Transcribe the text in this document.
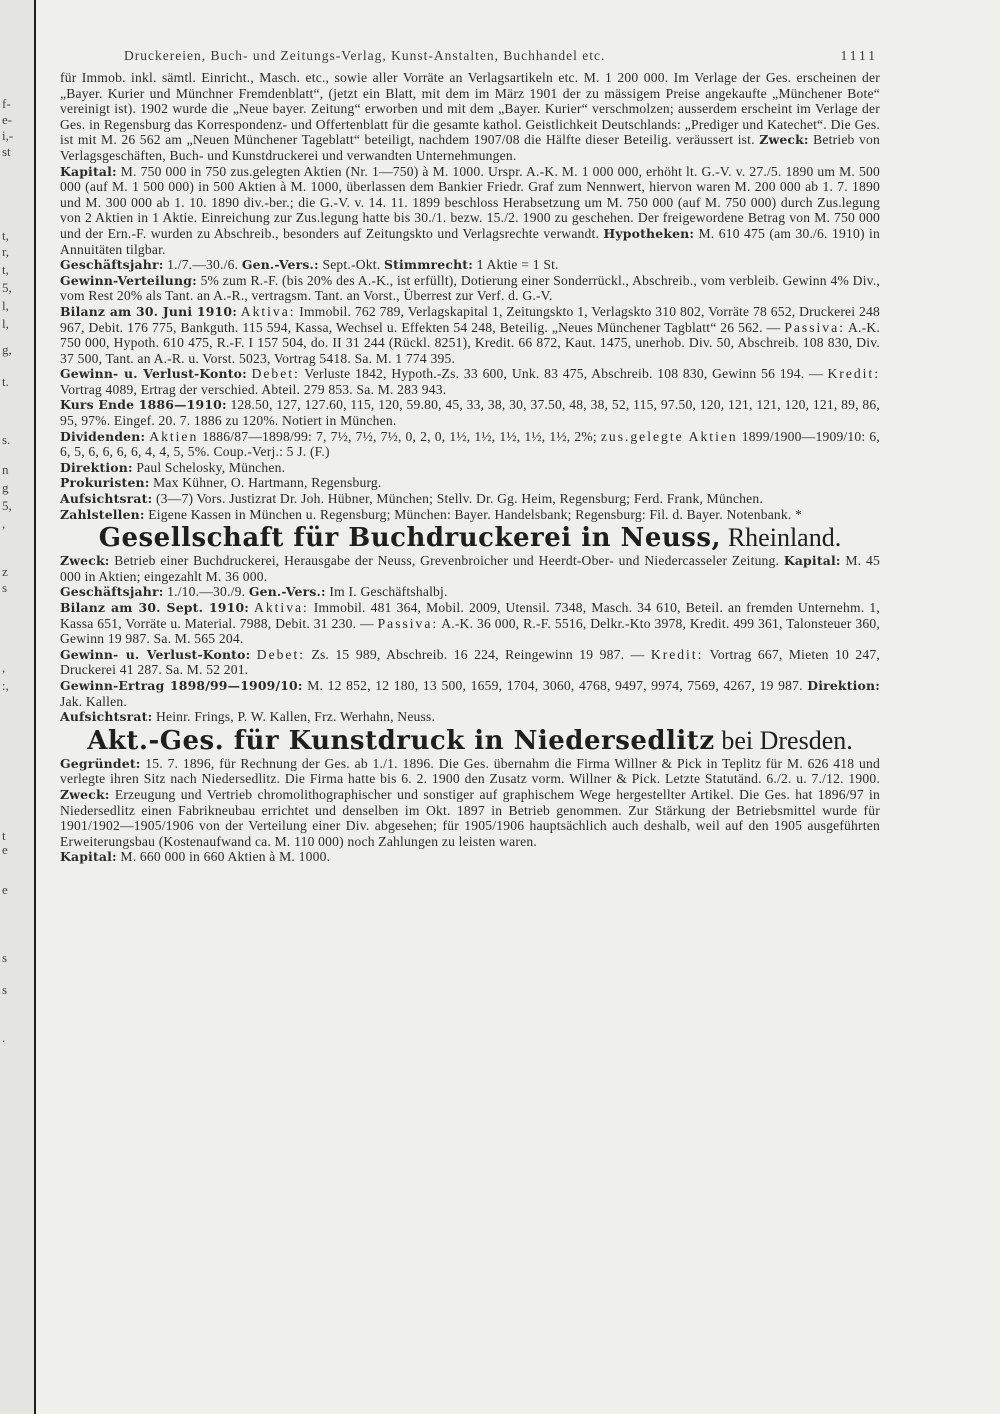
f-
e-
i,-
st
t,
r,
t,
5,
l,
l,
g,
t.
s.
n
g
5,
,
z
s
,
:,
t
e
e
s
s
.
Druckereien, Buch- und Zeitungs-Verlag, Kunst-Anstalten, Buchhandel etc.	1111

für Immob. inkl. sämtl. Einricht., Masch. etc., sowie aller Vorräte an Verlagsartikeln etc. M. 1 200 000. Im Verlage der Ges. erscheinen der „Bayer. Kurier und Münchner Fremdenblatt“, (jetzt ein Blatt, mit dem im März 1901 der zu mässigem Preise angekaufte „Münchener Bote“ vereinigt ist). 1902 wurde die „Neue bayer. Zeitung“ erworben und mit dem „Bayer. Kurier“ verschmolzen; ausserdem erscheint im Verlage der Ges. in Regensburg das Korrespondenz- und Offertenblatt für die gesamte kathol. Geistlichkeit Deutschlands: „Prediger und Katechet“. Die Ges. ist mit M. 26 562 am „Neuen Münchener Tageblatt“ beteiligt, nachdem 1907/08 die Hälfte dieser Beteilig. veräussert ist. Zweck: Betrieb von Verlagsgeschäften, Buch- und Kunstdruckerei und verwandten Unternehmungen.

Kapital: M. 750 000 in 750 zus.gelegten Aktien (Nr. 1—750) à M. 1000. Urspr. A.-K. M. 1 000 000, erhöht lt. G.-V. v. 27./5. 1890 um M. 500 000 (auf M. 1 500 000) in 500 Aktien à M. 1000, überlassen dem Bankier Friedr. Graf zum Nennwert, hiervon waren M. 200 000 ab 1. 7. 1890 und M. 300 000 ab 1. 10. 1890 div.-ber.; die G.-V. v. 14. 11. 1899 beschloss Herabsetzung um M. 750 000 (auf M. 750 000) durch Zus.legung von 2 Aktien in 1 Aktie. Einreichung zur Zus.legung hatte bis 30./1. bezw. 15./2. 1900 zu geschehen. Der freigewordene Betrag von M. 750 000 und der Ern.-F. wurden zu Abschreib., besonders auf Zeitungskto und Verlagsrechte verwandt. Hypotheken: M. 610 475 (am 30./6. 1910) in Annuitäten tilgbar.

Geschäftsjahr: 1./7.—30./6. Gen.-Vers.: Sept.-Okt. Stimmrecht: 1 Aktie = 1 St.

Gewinn-Verteilung: 5% zum R.-F. (bis 20% des A.-K., ist erfüllt), Dotierung einer Sonderrückl., Abschreib., vom verbleib. Gewinn 4% Div., vom Rest 20% als Tant. an A.-R., vertragsm. Tant. an Vorst., Überrest zur Verf. d. G.-V.

Bilanz am 30. Juni 1910: Aktiva: Immobil. 762 789, Verlagskapital 1, Zeitungskto 1, Verlagskto 310 802, Vorräte 78 652, Druckerei 248 967, Debit. 176 775, Bankguth. 115 594, Kassa, Wechsel u. Effekten 54 248, Beteilig. „Neues Münchener Tagblatt“ 26 562. — Passiva: A.-K. 750 000, Hypoth. 610 475, R.-F. I 157 504, do. II 31 244 (Rückl. 8251), Kredit. 66 872, Kaut. 1475, unerhob. Div. 50, Abschreib. 108 830, Div. 37 500, Tant. an A.-R. u. Vorst. 5023, Vortrag 5418. Sa. M. 1 774 395.

Gewinn- u. Verlust-Konto: Debet: Verluste 1842, Hypoth.-Zs. 33 600, Unk. 83 475, Abschreib. 108 830, Gewinn 56 194. — Kredit: Vortrag 4089, Ertrag der verschied. Abteil. 279 853. Sa. M. 283 943.

Kurs Ende 1886—1910: 128.50, 127, 127.60, 115, 120, 59.80, 45, 33, 38, 30, 37.50, 48, 38, 52, 115, 97.50, 120, 121, 121, 120, 121, 89, 86, 95, 97%. Eingef. 20. 7. 1886 zu 120%. Notiert in München.

Dividenden: Aktien 1886/87—1898/99: 7, 7½, 7½, 7½, 0, 2, 0, 1½, 1½, 1½, 1½, 1½, 2%; zus.gelegte Aktien 1899/1900—1909/10: 6, 6, 5, 6, 6, 6, 6, 4, 4, 5, 5%. Coup.-Verj.: 5 J. (F.)

Direktion: Paul Schelosky, München.

Prokuristen: Max Kühner, O. Hartmann, Regensburg.

Aufsichtsrat: (3—7) Vors. Justizrat Dr. Joh. Hübner, München; Stellv. Dr. Gg. Heim, Regensburg; Ferd. Frank, München.

Zahlstellen: Eigene Kassen in München u. Regensburg; München: Bayer. Handelsbank; Regensburg: Fil. d. Bayer. Notenbank. *

Gesellschaft für Buchdruckerei in Neuss, Rheinland.

Zweck: Betrieb einer Buchdruckerei, Herausgabe der Neuss, Grevenbroicher und Heerdt-Ober- und Niedercasseler Zeitung. Kapital: M. 45 000 in Aktien; eingezahlt M. 36 000.

Geschäftsjahr: 1./10.—30./9. Gen.-Vers.: Im I. Geschäftshalbj.

Bilanz am 30. Sept. 1910: Aktiva: Immobil. 481 364, Mobil. 2009, Utensil. 7348, Masch. 34 610, Beteil. an fremden Unternehm. 1, Kassa 651, Vorräte u. Material. 7988, Debit. 31 230. — Passiva: A.-K. 36 000, R.-F. 5516, Delkr.-Kto 3978, Kredit. 499 361, Talonsteuer 360, Gewinn 19 987. Sa. M. 565 204.

Gewinn- u. Verlust-Konto: Debet: Zs. 15 989, Abschreib. 16 224, Reingewinn 19 987. — Kredit: Vortrag 667, Mieten 10 247, Druckerei 41 287. Sa. M. 52 201.

Gewinn-Ertrag 1898/99—1909/10: M. 12 852, 12 180, 13 500, 1659, 1704, 3060, 4768, 9497, 9974, 7569, 4267, 19 987. Direktion: Jak. Kallen.

Aufsichtsrat: Heinr. Frings, P. W. Kallen, Frz. Werhahn, Neuss.

Akt.-Ges. für Kunstdruck in Niedersedlitz bei Dresden.

Gegründet: 15. 7. 1896, für Rechnung der Ges. ab 1./1. 1896. Die Ges. übernahm die Firma Willner & Pick in Teplitz für M. 626 418 und verlegte ihren Sitz nach Niedersedlitz. Die Firma hatte bis 6. 2. 1900 den Zusatz vorm. Willner & Pick. Letzte Statutänd. 6./2. u. 7./12. 1900. Zweck: Erzeugung und Vertrieb chromolithographischer und sonstiger auf graphischem Wege hergestellter Artikel. Die Ges. hat 1896/97 in Niedersedlitz einen Fabrikneubau errichtet und denselben im Okt. 1897 in Betrieb genommen. Zur Stärkung der Betriebsmittel wurde für 1901/1902—1905/1906 von der Verteilung einer Div. abgesehen; für 1905/1906 hauptsächlich auch deshalb, weil auf den 1905 ausgeführten Erweiterungsbau (Kostenaufwand ca. M. 110 000) noch Zahlungen zu leisten waren.

Kapital: M. 660 000 in 660 Aktien à M. 1000.
